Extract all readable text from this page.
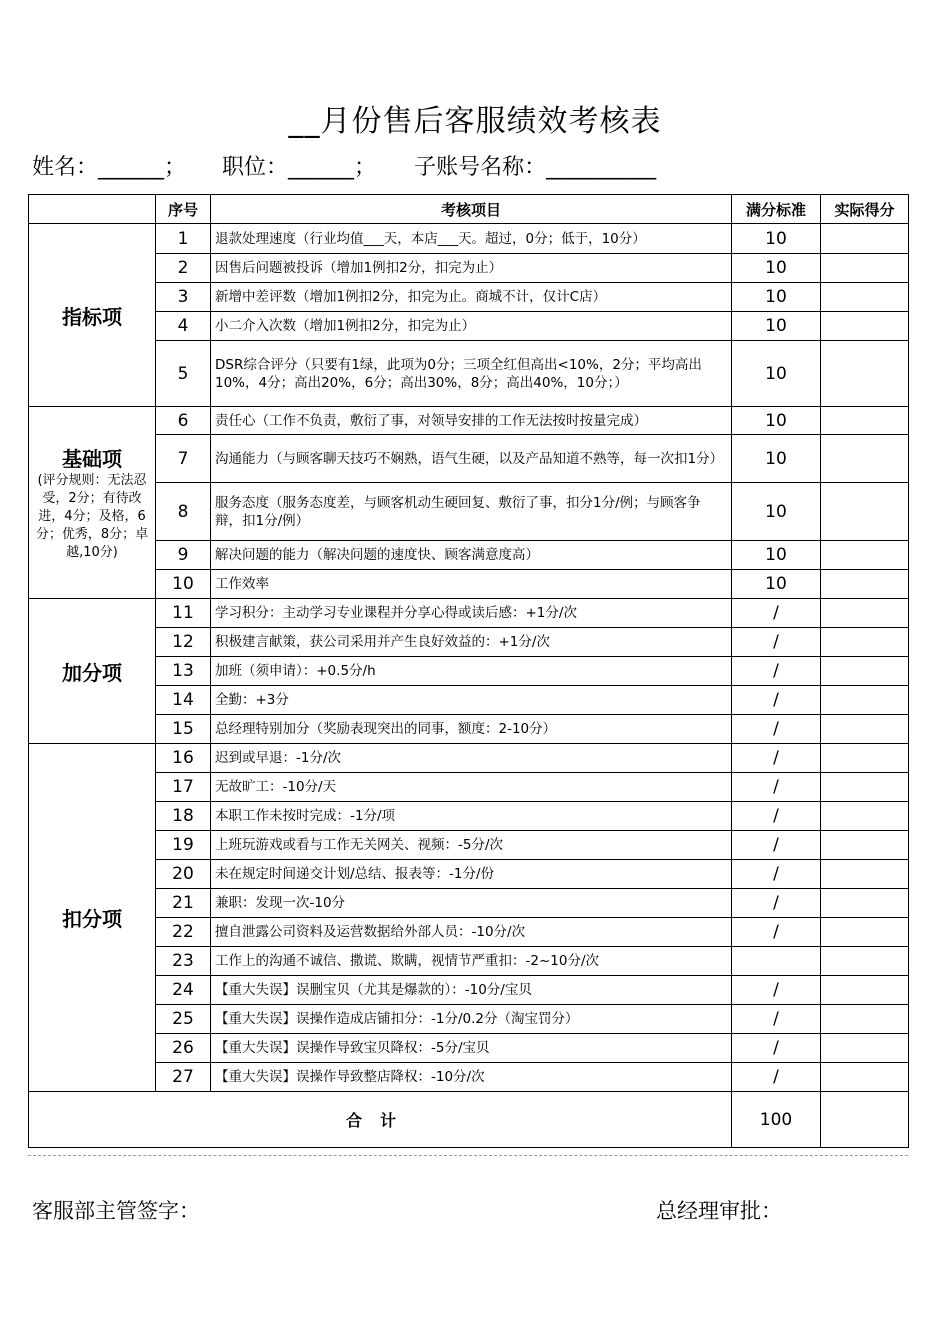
__月份售后客服绩效考核表
姓名：______； 职位：______； 子账号名称：__________
	序号	考核项目	满分标准	实际得分

指标项	1	退款处理速度（行业均值___天，本店___天。超过，0分；低于，10分）	10	
	2	因售后问题被投诉（增加1例扣2分，扣完为止）	10	
	3	新增中差评数（增加1例扣2分，扣完为止。商城不计，仅计C店）	10	
	4	小二介入次数（增加1例扣2分，扣完为止）	10	
	5	DSR综合评分（只要有1绿，此项为0分；三项全红但高出<10%，2分；平均高出10%，4分；高出20%，6分；高出30%，8分；高出40%，10分；）	10	

基础项
(评分规则：无法忍受，2分；有待改进，4分；及格，6分；优秀，8分；卓越,10分)	6	责任心（工作不负责，敷衍了事，对领导安排的工作无法按时按量完成）	10	
	7	沟通能力（与顾客聊天技巧不娴熟，语气生硬，以及产品知道不熟等，每一次扣1分）	10	
	8	服务态度（服务态度差，与顾客机动生硬回复、敷衍了事，扣分1分/例；与顾客争辩，扣1分/例）	10	
	9	解决问题的能力（解决问题的速度快、顾客满意度高）	10	
	10	工作效率	10	

加分项	11	学习积分：主动学习专业课程并分享心得或读后感：+1分/次	/	
	12	积极建言献策，获公司采用并产生良好效益的：+1分/次	/	
	13	加班（须申请）：+0.5分/h	/	
	14	全勤：+3分	/	
	15	总经理特别加分（奖励表现突出的同事，额度：2-10分）	/	

扣分项	16	迟到或早退：-1分/次	/	
	17	无故旷工：-10分/天	/	
	18	本职工作未按时完成：-1分/项	/	
	19	上班玩游戏或看与工作无关网关、视频：-5分/次	/	
	20	未在规定时间递交计划/总结、报表等：-1分/份	/	
	21	兼职：发现一次-10分	/	
	22	擅自泄露公司资料及运营数据给外部人员：-10分/次	/	
	23	工作上的沟通不诚信、撒谎、欺瞒，视情节严重扣：-2~10分/次		
	24	【重大失误】误删宝贝（尤其是爆款的）：-10分/宝贝	/	
	25	【重大失误】误操作造成店铺扣分：-1分/0.2分（淘宝罚分）	/	
	26	【重大失误】误操作导致宝贝降权：-5分/宝贝	/	
	27	【重大失误】误操作导致整店降权：-10分/次	/	
合计			100	
客服部主管签字：	总经理审批：
